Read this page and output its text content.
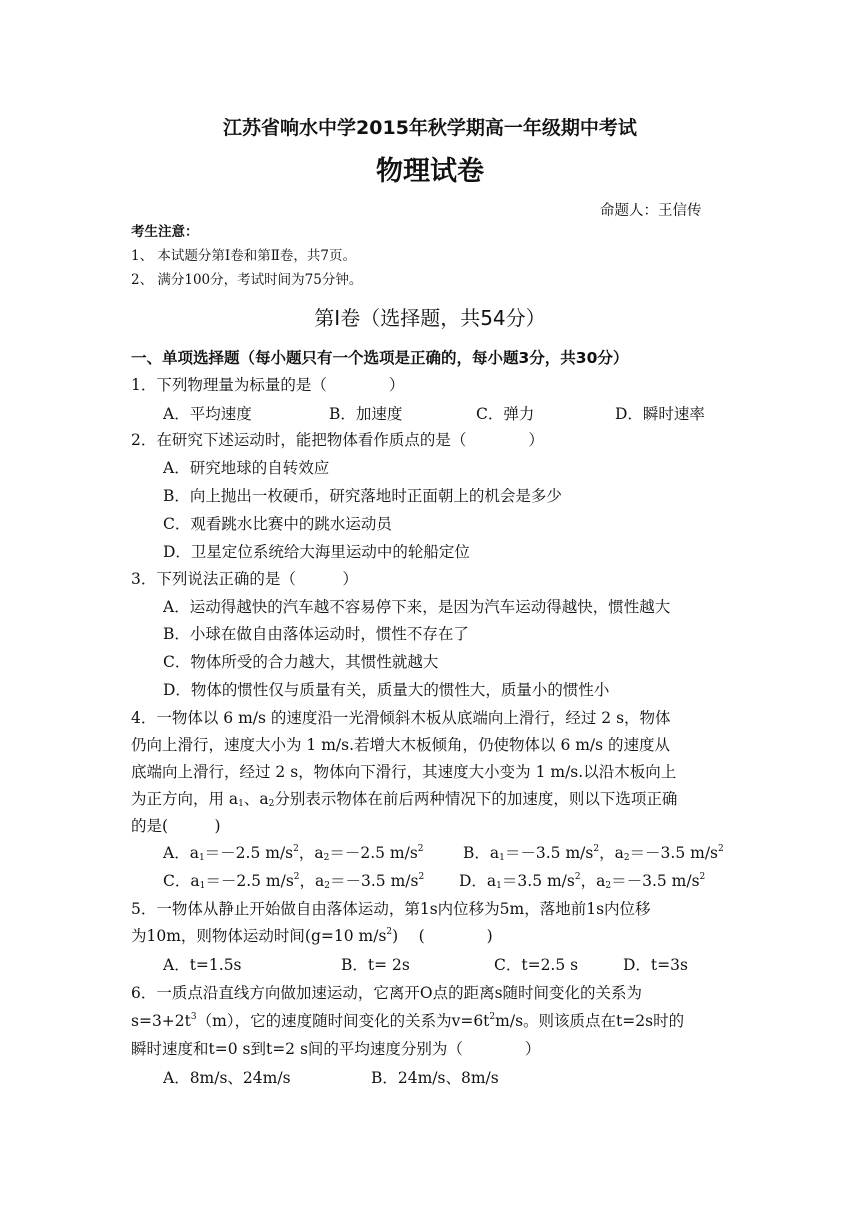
江苏省响水中学2015年秋学期高一年级期中考试
物理试卷
命题人：王信传
考生注意：
1、 本试题分第Ⅰ卷和第Ⅱ卷，共7页。
2、 满分100分，考试时间为75分钟。
第Ⅰ卷（选择题，共54分）
一、单项选择题（每小题只有一个选项是正确的，每小题3分，共30分）
1．下列物理量为标量的是（　　　　）
A．平均速度	B．加速度	C．弹力	D．瞬时速率
2．在研究下述运动时，能把物体看作质点的是（　　　　）
A．研究地球的自转效应
B．向上抛出一枚硬币，研究落地时正面朝上的机会是多少
C．观看跳水比赛中的跳水运动员
D．卫星定位系统给大海里运动中的轮船定位
3．下列说法正确的是（　　　）
A．运动得越快的汽车越不容易停下来，是因为汽车运动得越快，惯性越大
B．小球在做自由落体运动时，惯性不存在了
C．物体所受的合力越大，其惯性就越大
D．物体的惯性仅与质量有关，质量大的惯性大，质量小的惯性小
4．一物体以 6 m/s 的速度沿一光滑倾斜木板从底端向上滑行，经过 2 s，物体
仍向上滑行，速度大小为 1 m/s.若增大木板倾角，仍使物体以 6 m/s 的速度从
底端向上滑行，经过 2 s，物体向下滑行，其速度大小变为 1 m/s.以沿木板向上
为正方向，用 $a_1$、$a_2$分别表示物体在前后两种情况下的加速度，则以下选项正确
的是(　　　)
A．$a_1=-2.5$ $m/s^2$，$a_2=-2.5$ $m/s^2$	B．$a_1=-3.5$ $m/s^2$，$a_2=-3.5$ $m/s^2$
C．$a_1=-2.5$ $m/s^2$，$a_2=-3.5$ $m/s^2$ D．$a_1=3.5$ $m/s^2$，$a_2=-3.5$ $m/s^2$
5．一物体从静止开始做自由落体运动，第1s内位移为5m，落地前1s内位移
为10m，则物体运动时间(g=10 $m/s^2$) 　(　　　　)
A．t=1.5s	B．t= 2s	C．t=2.5 s	D．t=3s
6．一质点沿直线方向做加速运动，它离开O点的距离s随时间变化的关系为
$s=3+2t^3(m)$，它的速度随时间变化的关系为$v=6t^2m/s$。则该质点在t=2s时的
瞬时速度和t=0 s到t=2 s间的平均速度分别为（　　　　）
A．8m/s、24m/s	B．24m/s、8m/s
